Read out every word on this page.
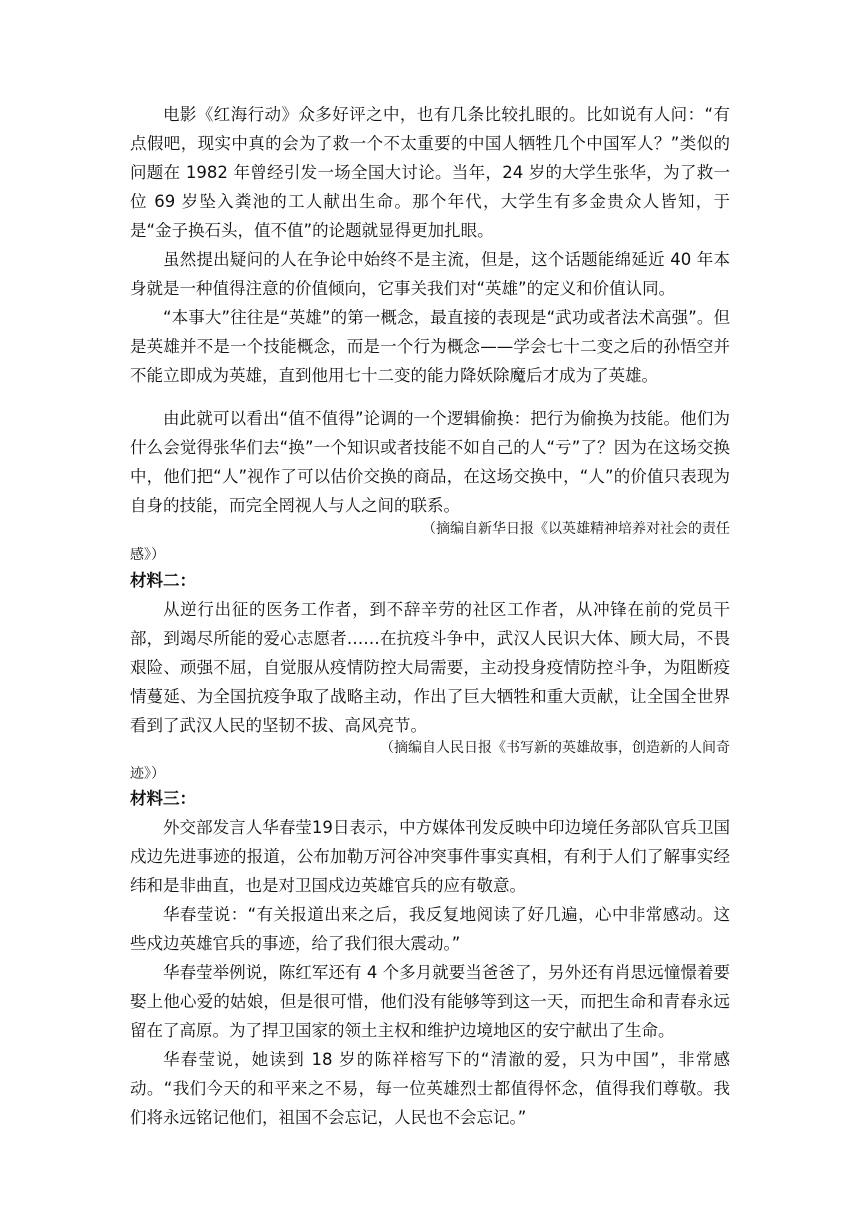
电影《红海行动》众多好评之中，也有几条比较扎眼的。比如说有人问：“有点假吧，现实中真的会为了救一个不太重要的中国人牺牲几个中国军人？”类似的问题在 1982 年曾经引发一场全国大讨论。当年，24 岁的大学生张华，为了救一位 69 岁坠入粪池的工人献出生命。那个年代，大学生有多金贵众人皆知，于是“金子换石头，值不值”的论题就显得更加扎眼。

虽然提出疑问的人在争论中始终不是主流，但是，这个话题能绵延近 40 年本身就是一种值得注意的价值倾向，它事关我们对“英雄”的定义和价值认同。

“本事大”往往是“英雄”的第一概念，最直接的表现是“武功或者法术高强”。但是英雄并不是一个技能概念，而是一个行为概念——学会七十二变之后的孙悟空并不能立即成为英雄，直到他用七十二变的能力降妖除魔后才成为了英雄。

由此就可以看出“值不值得”论调的一个逻辑偷换：把行为偷换为技能。他们为什么会觉得张华们去“换”一个知识或者技能不如自己的人“亏”了？因为在这场交换中，他们把“人”视作了可以估价交换的商品，在这场交换中，“人”的价值只表现为自身的技能，而完全罔视人与人之间的联系。

（摘编自新华日报《以英雄精神培养对社会的责任

感》）

材料二：

从逆行出征的医务工作者，到不辞辛劳的社区工作者，从冲锋在前的党员干部，到竭尽所能的爱心志愿者……在抗疫斗争中，武汉人民识大体、顾大局，不畏艰险、顽强不屈，自觉服从疫情防控大局需要，主动投身疫情防控斗争，为阻断疫情蔓延、为全国抗疫争取了战略主动，作出了巨大牺牲和重大贡献，让全国全世界看到了武汉人民的坚韧不拔、高风亮节。

（摘编自人民日报《书写新的英雄故事，创造新的人间奇

迹》）

材料三：

外交部发言人华春莹19日表示，中方媒体刊发反映中印边境任务部队官兵卫国戍边先进事迹的报道，公布加勒万河谷冲突事件事实真相，有利于人们了解事实经纬和是非曲直，也是对卫国戍边英雄官兵的应有敬意。

华春莹说：“有关报道出来之后，我反复地阅读了好几遍，心中非常感动。这些戍边英雄官兵的事迹，给了我们很大震动。”

华春莹举例说，陈红军还有 4 个多月就要当爸爸了，另外还有肖思远憧憬着要娶上他心爱的姑娘，但是很可惜，他们没有能够等到这一天，而把生命和青春永远留在了高原。为了捍卫国家的领土主权和维护边境地区的安宁献出了生命。

华春莹说，她读到 18 岁的陈祥榕写下的“清澈的爱，只为中国”，非常感动。“我们今天的和平来之不易，每一位英雄烈士都值得怀念，值得我们尊敬。我们将永远铭记他们，祖国不会忘记，人民也不会忘记。”
